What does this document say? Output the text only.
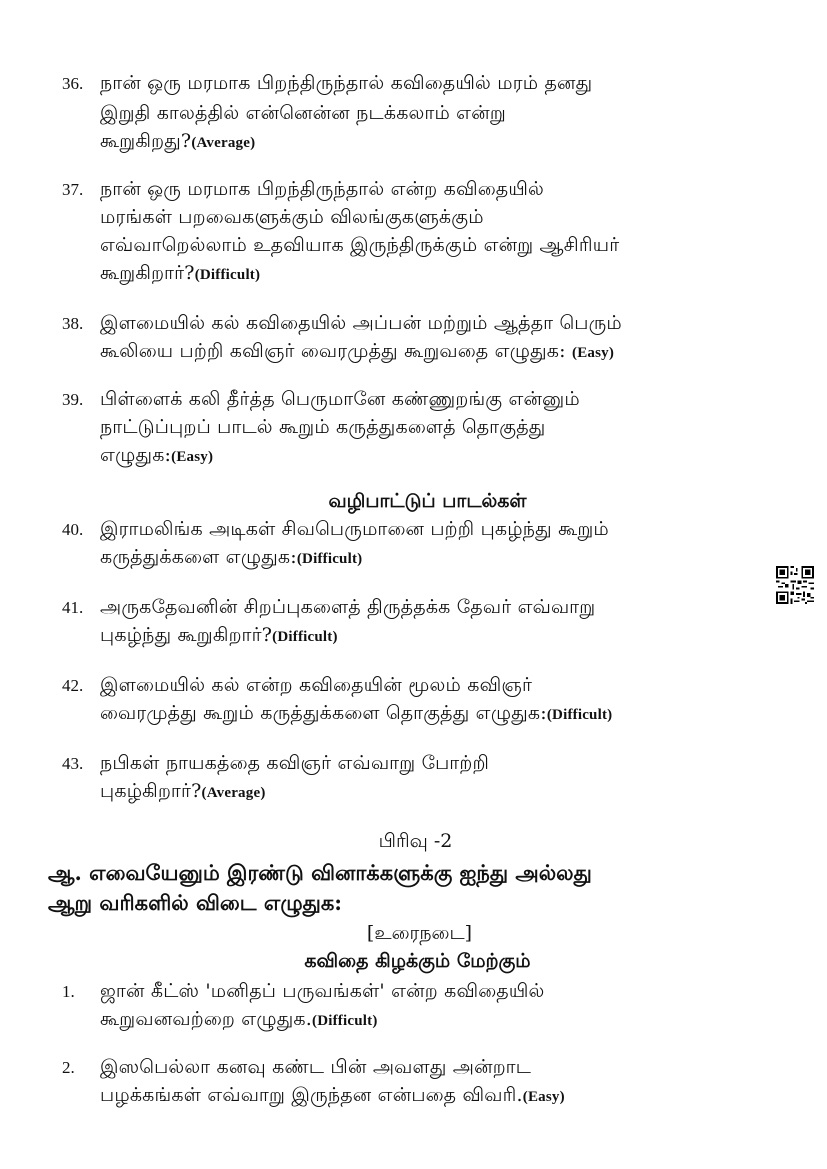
36. நான் ஒரு மரமாக பிறந்திருந்தால் கவிதையில் மரம் தனது
இறுதி காலத்தில் என்னென்ன நடக்கலாம் என்று
கூறுகிறது?(Average)
37. நான் ஒரு மரமாக பிறந்திருந்தால் என்ற கவிதையில்
மரங்கள் பறவைகளுக்கும் விலங்குகளுக்கும்
எவ்வாறெல்லாம் உதவியாக இருந்திருக்கும் என்று ஆசிரியர்
கூறுகிறார்?(Difficult)
38. இளமையில் கல் கவிதையில் அப்பன் மற்றும் ஆத்தா பெரும்
கூலியை பற்றி கவிஞர் வைரமுத்து கூறுவதை எழுதுக: (Easy)
39. பிள்ளைக் கலி தீர்த்த பெருமானே கண்ணுறங்கு என்னும்
நாட்டுப்புறப் பாடல் கூறும் கருத்துகளைத் தொகுத்து
எழுதுக:(Easy)
வழிபாட்டுப் பாடல்கள்
40. இராமலிங்க அடிகள் சிவபெருமானை பற்றி புகழ்ந்து கூறும்
கருத்துக்களை எழுதுக:(Difficult)
41. அருகதேவனின் சிறப்புகளைத் திருத்தக்க தேவர் எவ்வாறு
புகழ்ந்து கூறுகிறார்?(Difficult)
42. இளமையில் கல் என்ற கவிதையின் மூலம் கவிஞர்
வைரமுத்து கூறும் கருத்துக்களை தொகுத்து எழுதுக:(Difficult)
43. நபிகள் நாயகத்தை கவிஞர் எவ்வாறு போற்றி
புகழ்கிறார்?(Average)
பிரிவு -2
ஆ. எவையேனும் இரண்டு வினாக்களுக்கு ஐந்து அல்லது
ஆறு வரிகளில் விடை எழுதுக:
[உரைநடை]
கவிதை கிழக்கும் மேற்கும்
1.	ஜான் கீட்ஸ் 'மனிதப் பருவங்கள்' என்ற கவிதையில்
கூறுவனவற்றை எழுதுக.(Difficult)
2.	இஸபெல்லா கனவு கண்ட பின் அவளது அன்றாட
பழக்கங்கள் எவ்வாறு இருந்தன என்பதை விவரி.(Easy)
